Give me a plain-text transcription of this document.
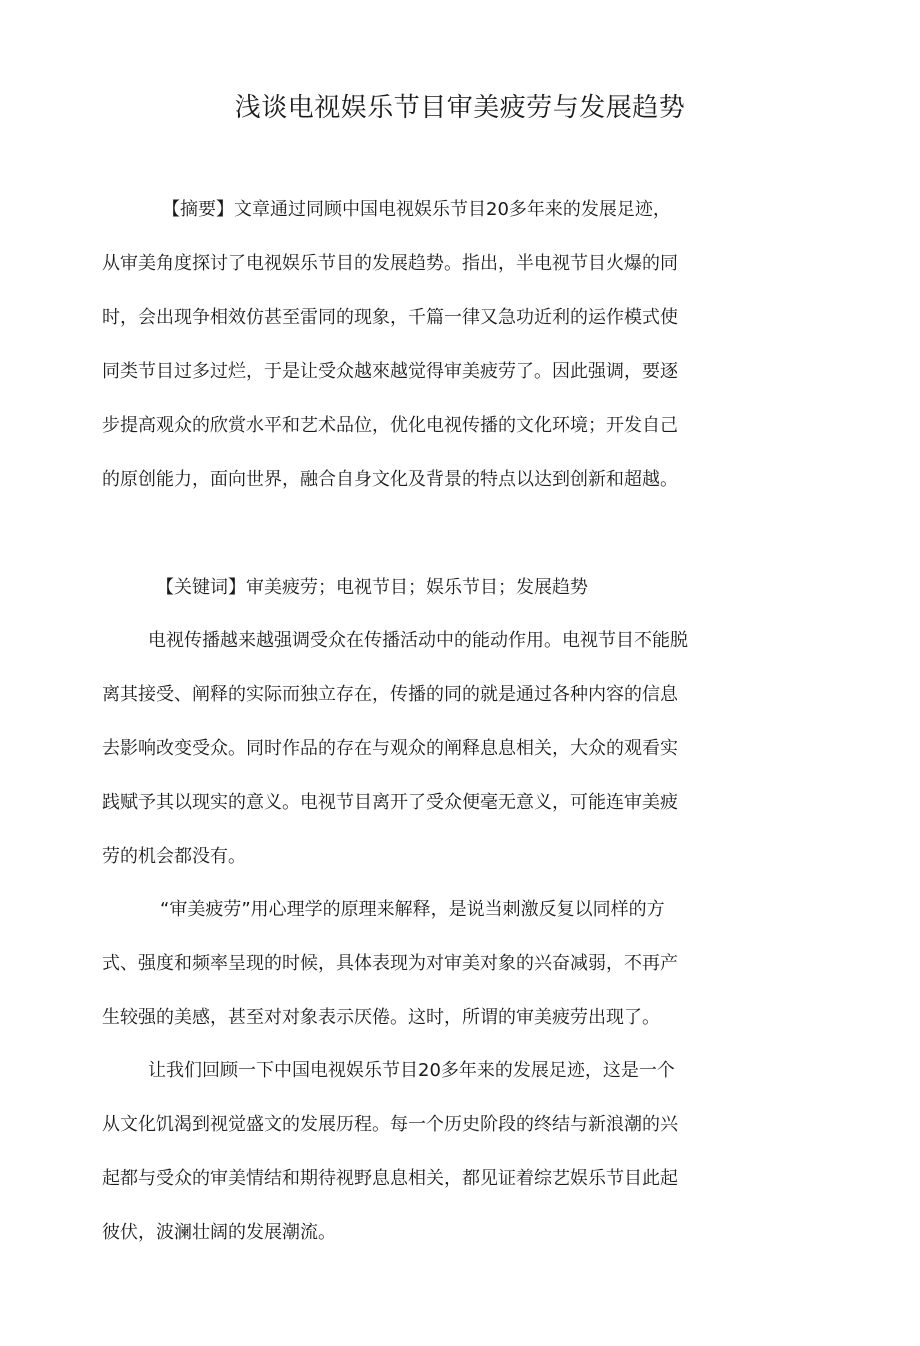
浅谈电视娱乐节目审美疲劳与发展趋势
【摘要】文章通过同顾中国电视娱乐节目20多年来的发展足迹，
从审美角度探讨了电视娱乐节目的发展趋势。指出，半电视节目火爆的同
时，会出现争相效仿甚至雷同的现象，千篇一律又急功近利的运作模式使
同类节目过多过烂，于是让受众越來越觉得审美疲劳了。因此强调，要逐
步提高观众的欣赏水平和艺术品位，优化电视传播的文化环境；开发自己
的原创能力，面向世界，融合自身文化及背景的特点以达到创新和超越。
【关键词】审美疲劳；电视节目；娱乐节目；发展趋势
电视传播越来越强调受众在传播活动中的能动作用。电视节目不能脱
离其接受、阐释的实际而独立存在，传播的同的就是通过各种内容的信息
去影响改变受众。同时作品的存在与观众的阐释息息相关，大众的观看实
践赋予其以现实的意义。电视节目离开了受众便毫无意义，可能连审美疲
劳的机会都没有。
“审美疲劳”用心理学的原理来解释，是说当刺激反复以同样的方
式、强度和频率呈现的时候，具体表现为对审美对象的兴奋减弱，不再产
生较强的美感，甚至对对象表示厌倦。这时，所谓的审美疲劳出现了。
让我们回顾一下中国电视娱乐节目20多年来的发展足迹，这是一个
从文化饥渴到视觉盛文的发展历程。每一个历史阶段的终结与新浪潮的兴
起都与受众的审美情结和期待视野息息相关，都见证着综艺娱乐节目此起
彼伏，波澜壮阔的发展潮流。
